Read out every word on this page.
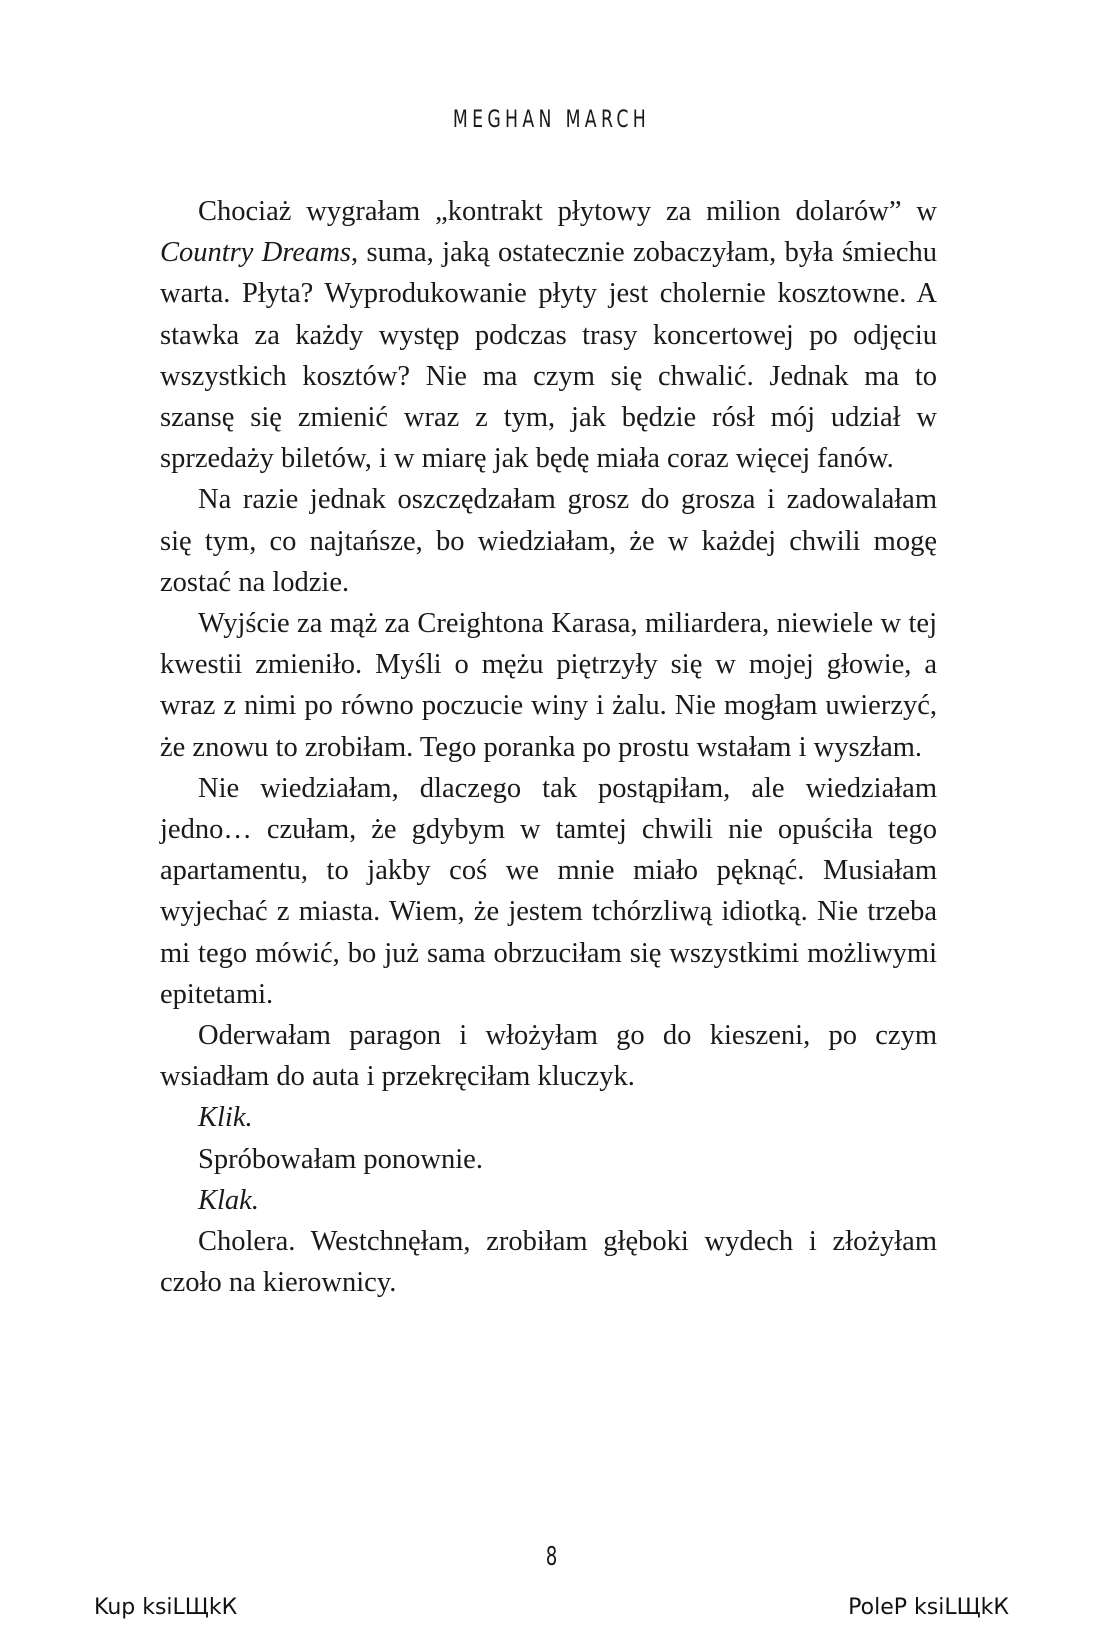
MEGHAN MARCH

Chociaż wygrałam „kontrakt płytowy za milion dolarów” w Country Dreams, suma, jaką ostatecznie zobaczyłam, była śmiechu warta. Płyta? Wyprodukowanie płyty jest cholernie kosztowne. A stawka za każdy występ podczas trasy koncertowej po odjęciu wszystkich kosztów? Nie ma czym się chwalić. Jednak ma to szansę się zmienić wraz z tym, jak będzie rósł mój udział w sprzedaży biletów, i w miarę jak będę miała coraz więcej fanów.

Na razie jednak oszczędzałam grosz do grosza i zadowalałam się tym, co najtańsze, bo wiedziałam, że w każdej chwili mogę zostać na lodzie.

Wyjście za mąż za Creightona Karasa, miliardera, niewiele w tej kwestii zmieniło. Myśli o mężu piętrzyły się w mojej głowie, a wraz z nimi po równo poczucie winy i żalu. Nie mogłam uwierzyć, że znowu to zrobiłam. Tego poranka po prostu wstałam i wyszłam.

Nie wiedziałam, dlaczego tak postąpiłam, ale wiedziałam jedno… czułam, że gdybym w tamtej chwili nie opuściła tego apartamentu, to jakby coś we mnie miało pęknąć. Musiałam wyjechać z miasta. Wiem, że jestem tchórzliwą idiotką. Nie trzeba mi tego mówić, bo już sama obrzuciłam się wszystkimi możliwymi epitetami.

Oderwałam paragon i włożyłam go do kieszeni, po czym wsiadłam do auta i przekręciłam kluczyk.

Klik.

Spróbowałam ponownie.

Klak.

Cholera. Westchnęłam, zrobiłam głęboki wydech i złożyłam czoło na kierownicy.

8
Kup ksiLЩkК	PoleP ksiLЩkК
